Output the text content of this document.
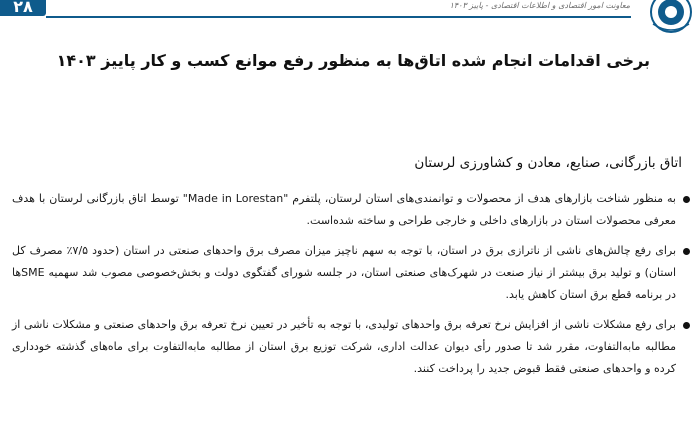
۲۸	معاونت امور اقتصادی و اطلاعات اقتصادی - پاییز ۱۴۰۳
برخی اقدامات انجام شده اتاق‌ها به منظور رفع موانع کسب و کار پاییز ۱۴۰۳
اتاق بازرگانی، صنایع، معادن و کشاورزی لرستان
به منظور شناخت بازارهای هدف از محصولات و توانمندی‌های استان لرستان، پلتفرم "Made in Lorestan" توسط اتاق بازرگانی لرستان با هدف معرفی محصولات استان در بازارهای داخلی و خارجی طراحی و ساخته شده‌است.
برای رفع چالش‌های ناشی از ناترازی برق در استان، با توجه به سهم ناچیز میزان مصرف برق واحدهای صنعتی در استان (حدود ۷/۵٪ مصرف کل استان) و تولید برق بیشتر از نیاز صنعت در شهرک‌های صنعتی استان، در جلسه شورای گفتگوی دولت و بخش‌خصوصی مصوب شد سهمیه SMEها در برنامه قطع برق استان کاهش یابد.
برای رفع مشکلات ناشی از افزایش نرخ تعرفه برق واحدهای تولیدی، با توجه به تأخیر در تعیین نرخ تعرفه برق واحدهای صنعتی و مشکلات ناشی از مطالبه مابه‌التفاوت، مقرر شد تا صدور رأی دیوان عدالت اداری، شرکت توزیع برق استان از مطالبه مابه‌التفاوت برای ماه‌های گذشته خودداری کرده و واحدهای صنعتی فقط قبوض جدید را پرداخت کنند.
